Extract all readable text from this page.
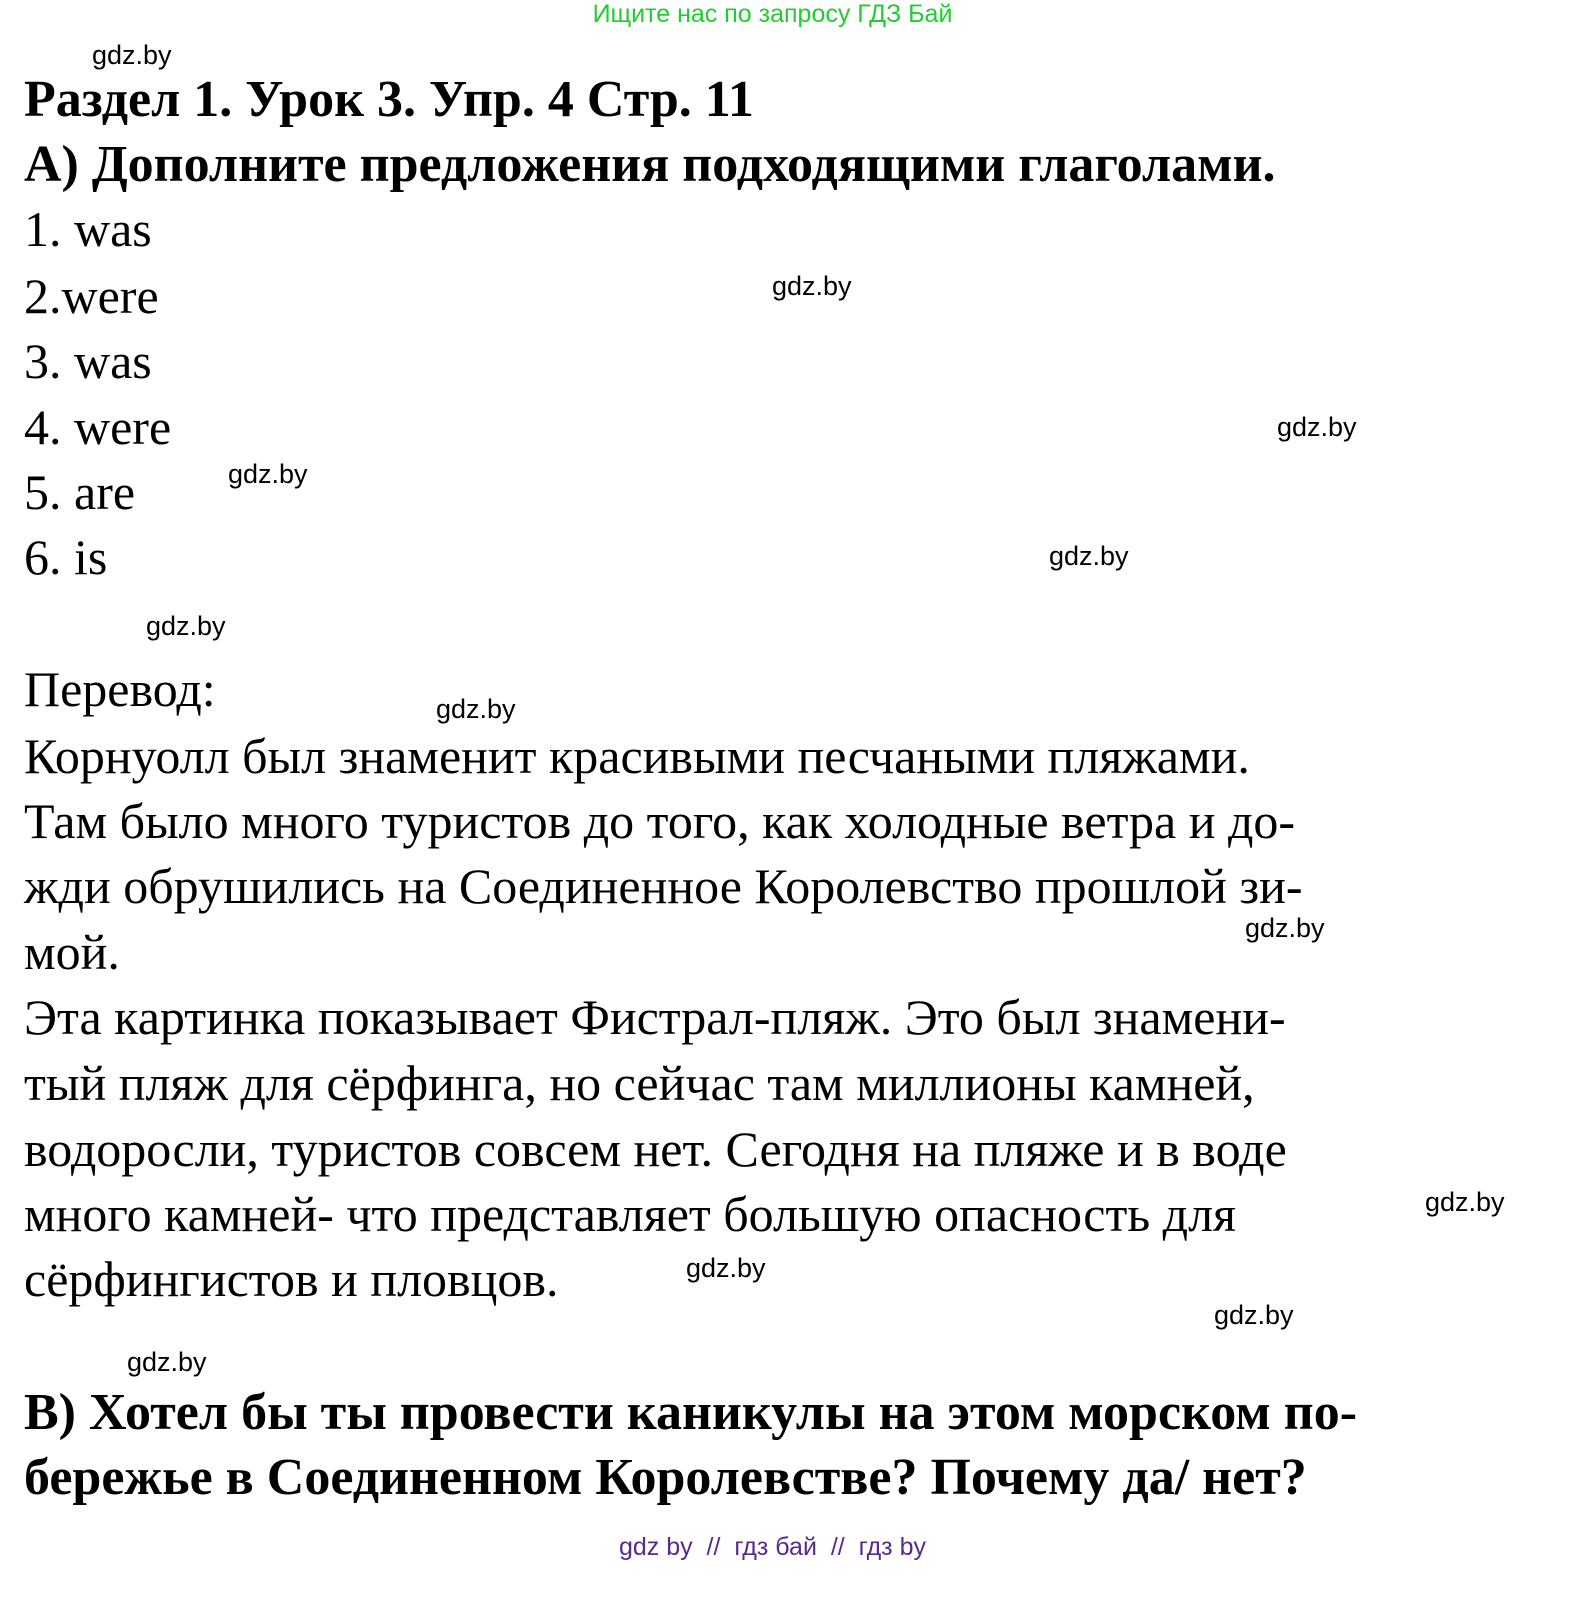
Ищите нас по запросу ГДЗ Бай
Раздел 1. Урок 3. Упр. 4 Стр. 11
A) Дополните предложения подходящими глаголами.
1. was
2.were
3. was
4. were
5. are
6. is
Перевод:
Корнуолл был знаменит красивыми песчаными пляжами.
Там было много туристов до того, как холодные ветра и до-
жди обрушились на Соединенное Королевство прошлой зи-
мой.
Эта картинка показывает Фистрал-пляж. Это был знамени-
тый пляж для сёрфинга, но сейчас там миллионы камней,
водоросли, туристов совсем нет. Сегодня на пляже и в воде
много камней- что представляет большую опасность для
сёрфингистов и пловцов.
B) Хотел бы ты провести каникулы на этом морском по-
бережье в Соединенном Королевстве? Почему да/ нет?
gdz.by
gdz.by
gdz.by
gdz.by
gdz.by
gdz.by
gdz.by
gdz.by
gdz.by
gdz.by
gdz.by
gdz.by
gdz by  //  гдз бай  //  гдз by
